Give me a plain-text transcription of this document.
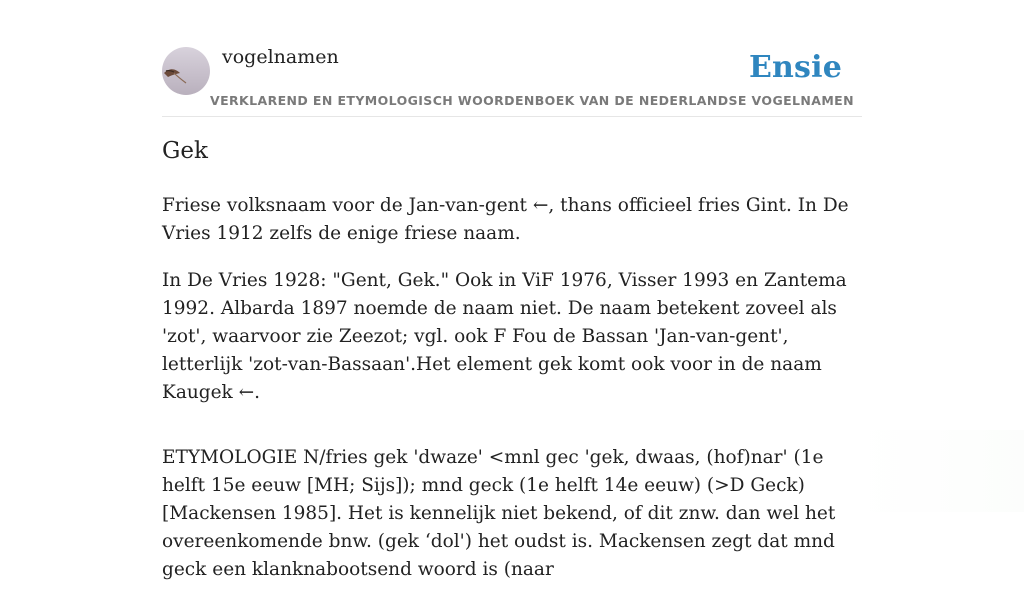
vogelnamen
VERKLAREND EN ETYMOLOGISCH WOORDENBOEK VAN DE NEDERLANDSE VOGELNAMEN
Ensie
Gek

Friese volksnaam voor de Jan-van-gent ←, thans officieel fries Gint. In De Vries 1912 zelfs de enige friese naam.

In De Vries 1928: "Gent, Gek." Ook in ViF 1976, Visser 1993 en Zantema 1992. Albarda 1897 noemde de naam niet. De naam betekent zoveel als 'zot', waarvoor zie Zeezot; vgl. ook F Fou de Bassan 'Jan-van-gent', letterlijk 'zot-van-Bassaan'.Het element gek komt ook voor in de naam Kaugek ←.

ETYMOLOGIE N/fries gek 'dwaze' <mnl gec 'gek, dwaas, (hof)nar' (1e helft 15e eeuw [MH; Sijs]); mnd geck (1e helft 14e eeuw) (>D Geck) [Mackensen 1985]. Het is kennelijk niet bekend, of dit znw. dan wel het overeenkomende bnw. (gek ‘dol') het oudst is. Mackensen zegt dat mnd geck een klanknabootsend woord is (naar
